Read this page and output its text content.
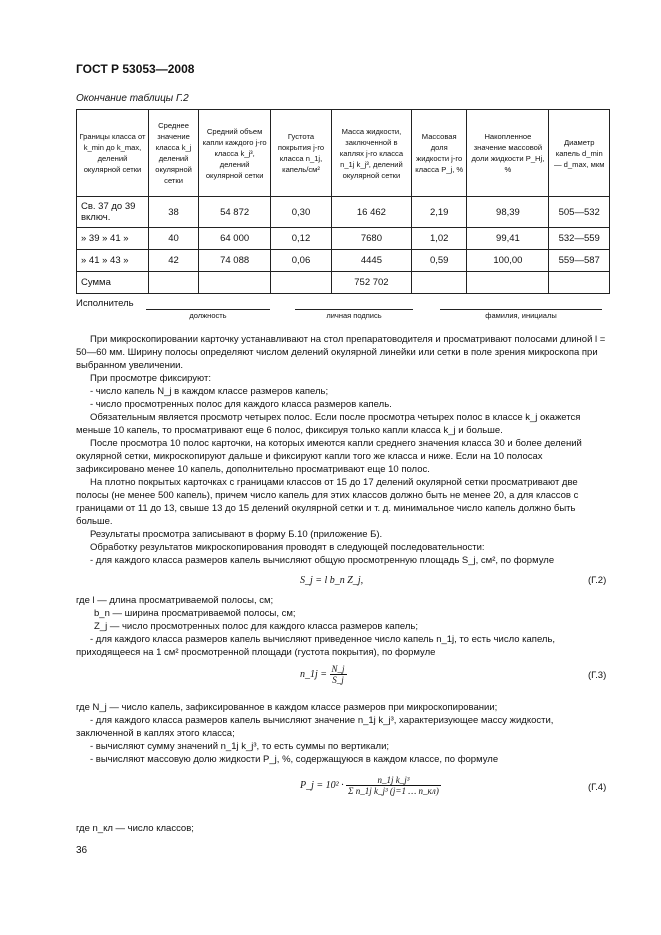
ГОСТ Р 53053—2008
Окончание таблицы Г.2
Границы класса от k_min до k_max, делений окулярной сетки	Среднее значение класса k_j делений окулярной сетки	Средний объем капли каждого j-го класса k_j³, делений окулярной сетки	Густота покрытия j-го класса n_1j, капель/см²	Масса жидкости, заключенной в каплях j-го класса n_1j k_j³, делений окулярной сетки	Массовая доля жидкости j-го класса P_j, %	Накопленное значение массовой доли жидкости P_Hj, %	Диаметр капель d_min — d_max, мкм
Св. 37 до 39 включ.	38	54 872	0,30	16 462	2,19	98,39	505—532
» 39 » 41 »	40	64 000	0,12	7680	1,02	99,41	532—559
» 41 » 43 »	42	74 088	0,06	4445	0,59	100,00	559—587
Сумма				752 702			
Исполнитель
должность	личная подпись	фамилия, инициалы

При микроскопировании карточку устанавливают на стол препаратоводителя и просматривают полосами длиной l = 50—60 мм. Ширину полосы определяют числом делений окулярной линейки или сетки в поле зрения микроскопа при выбранном увеличении.

При просмотре фиксируют:

- число капель N_j в каждом классе размеров капель;

- число просмотренных полос для каждого класса размеров капель.

Обязательным является просмотр четырех полос. Если после просмотра четырех полос в классе k_j окажется меньше 10 капель, то просматривают еще 6 полос, фиксируя только капли класса k_j и больше.

После просмотра 10 полос карточки, на которых имеются капли среднего значения класса 30 и более делений окулярной сетки, микроскопируют дальше и фиксируют капли того же класса и ниже. Если на 10 полосах зафиксировано менее 10 капель, дополнительно просматривают еще 10 полос.

На плотно покрытых карточках с границами классов от 15 до 17 делений окулярной сетки просматривают две полосы (не менее 500 капель), причем число капель для этих классов должно быть не менее 20, а для классов с границами от 11 до 13, свыше 13 до 15 делений окулярной сетки и т. д. минимальное число капель должно быть больше.

Результаты просмотра записывают в форму Б.10 (приложение Б).

Обработку результатов микроскопирования проводят в следующей последовательности:

- для каждого класса размеров капель вычисляют общую просмотренную площадь S_j, см², по формуле

S_j = l b_n Z_j,	(Г.2)

где l — длина просматриваемой полосы, см;

b_n — ширина просматриваемой полосы, см;

Z_j — число просмотренных полос для каждого класса размеров капель;

- для каждого класса размеров капель вычисляют приведенное число капель n_1j, то есть число капель, приходящееся на 1 см² просмотренной площади (густота покрытия), по формуле

n_1j = $\frac{N\_j}{S\_j}$	(Г.3)

где N_j — число капель, зафиксированное в каждом классе размеров при микроскопировании;

- для каждого класса размеров капель вычисляют значение n_1j k_j³, характеризующее массу жидкости, заключенной в каплях этого класса;

- вычисляют сумму значений n_1j k_j³, то есть суммы по вертикали;

- вычисляют массовую долю жидкости P_j, %, содержащуюся в каждом классе, по формуле

P_j = $10^2 \cdot \frac{\text{n\_1j k\_j³}}{\text{Σ n\_1j k\_j³ (j=1 … n\_кл)}}$	(Г.4)

где n_кл — число классов;

36
